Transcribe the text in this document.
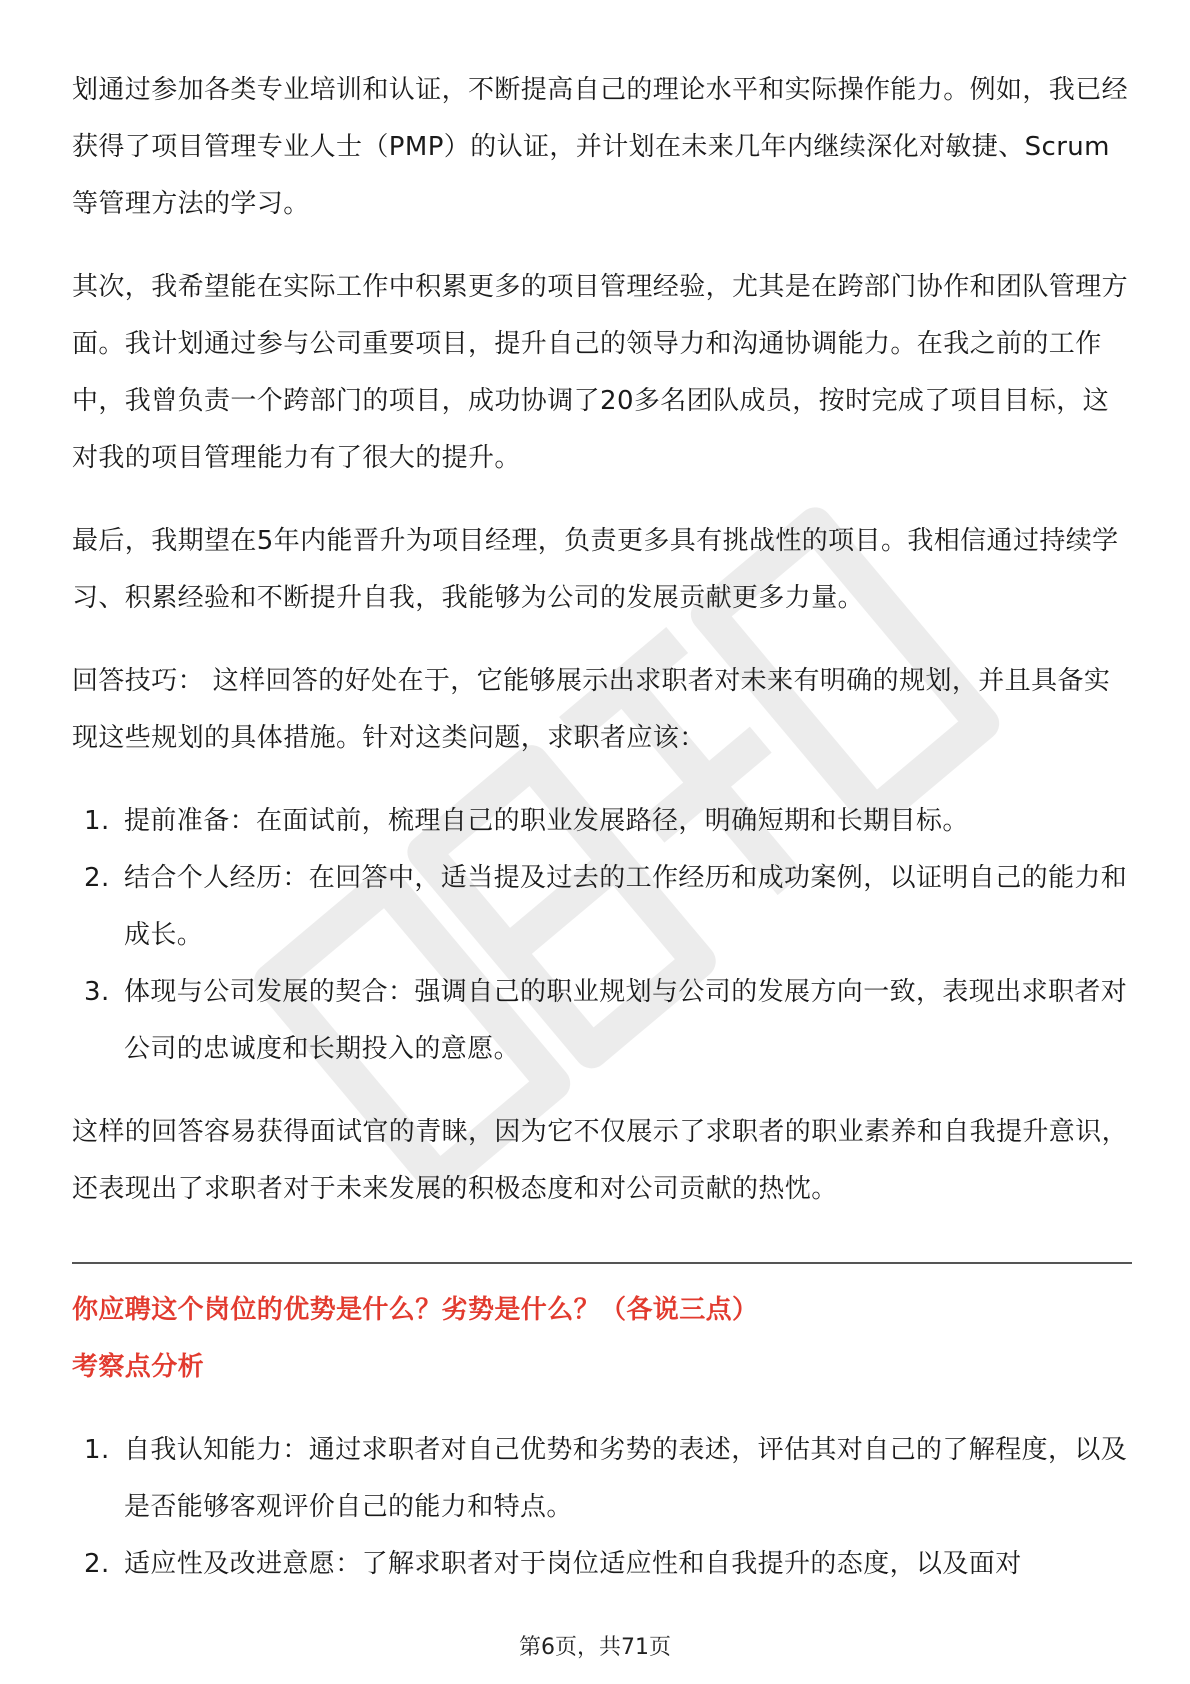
划通过参加各类专业培训和认证，不断提高自己的理论水平和实际操作能力。例如，我已经获得了项目管理专业人士（PMP）的认证，并计划在未来几年内继续深化对敏捷、Scrum等管理方法的学习。

其次，我希望能在实际工作中积累更多的项目管理经验，尤其是在跨部门协作和团队管理方面。我计划通过参与公司重要项目，提升自己的领导力和沟通协调能力。在我之前的工作中，我曾负责一个跨部门的项目，成功协调了20多名团队成员，按时完成了项目目标，这对我的项目管理能力有了很大的提升。

最后，我期望在5年内能晋升为项目经理，负责更多具有挑战性的项目。我相信通过持续学习、积累经验和不断提升自我，我能够为公司的发展贡献更多力量。

回答技巧： 这样回答的好处在于，它能够展示出求职者对未来有明确的规划，并且具备实现这些规划的具体措施。针对这类问题，求职者应该：

1. 提前准备：在面试前，梳理自己的职业发展路径，明确短期和长期目标。
2. 结合个人经历：在回答中，适当提及过去的工作经历和成功案例，以证明自己的能力和成长。
3. 体现与公司发展的契合：强调自己的职业规划与公司的发展方向一致，表现出求职者对公司的忠诚度和长期投入的意愿。

这样的回答容易获得面试官的青睐，因为它不仅展示了求职者的职业素养和自我提升意识，还表现出了求职者对于未来发展的积极态度和对公司贡献的热忱。

你应聘这个岗位的优势是什么？劣势是什么？（各说三点）

考察点分析

1. 自我认知能力：通过求职者对自己优势和劣势的表述，评估其对自己的了解程度，以及是否能够客观评价自己的能力和特点。
2. 适应性及改进意愿：了解求职者对于岗位适应性和自我提升的态度，以及面对
第6页，共71页
